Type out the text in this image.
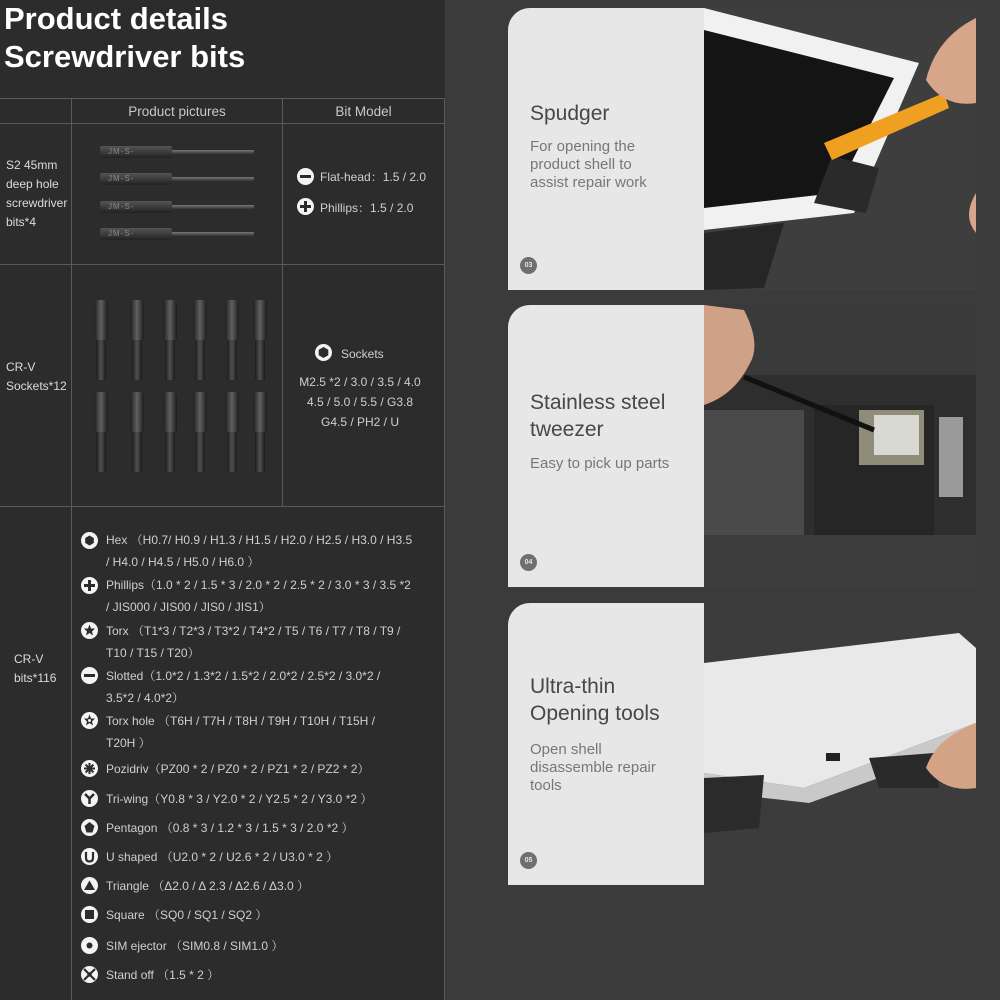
Product details
Screwdriver bits
Product pictures	Bit Model
S2 45mm
deep hole
screwdriver
bits*4
JM-S-
JM-S-
JM-S-
JM-S-
Flat-head：1.5 / 2.0
Phillips：1.5 / 2.0
CR-V
Sockets*12
Sockets
M2.5 *2 / 3.0 / 3.5 / 4.0
4.5 / 5.0 / 5.5 / G3.8
G4.5 / PH2 / U
CR-V
bits*116
Hex （H0.7/ H0.9 / H1.3 / H1.5 / H2.0 / H2.5 / H3.0 / H3.5
/ H4.0 / H4.5 / H5.0 / H6.0 ）
Phillips（1.0 * 2 / 1.5 * 3 / 2.0 * 2 / 2.5 * 2 / 3.0 * 3 / 3.5 *2
/ JIS000 / JIS00 / JIS0 / JIS1）
Torx （T1*3 / T2*3 / T3*2 / T4*2 / T5 / T6 / T7 / T8 / T9 /
T10 / T15 / T20）
Slotted（1.0*2 / 1.3*2 / 1.5*2 / 2.0*2 / 2.5*2 / 3.0*2 /
3.5*2 / 4.0*2）
Torx hole （T6H / T7H / T8H / T9H / T10H / T15H /
T20H ）
Pozidriv（PZ00 * 2 / PZ0 * 2 / PZ1 * 2 / PZ2 * 2）
Tri-wing（Y0.8 * 3 / Y2.0 * 2 / Y2.5 * 2 / Y3.0 *2 ）
Pentagon （0.8 * 3 / 1.2 * 3 / 1.5 * 3 / 2.0 *2 ）
U shaped （U2.0 * 2 / U2.6 * 2 / U3.0 * 2 ）
Triangle （Δ2.0 / Δ 2.3 / Δ2.6 / Δ3.0 ）
Square （SQ0 / SQ1 / SQ2 ）
SIM ejector （SIM0.8 / SIM1.0 ）
Stand off （1.5 * 2 ）
Spudger
For opening the
product shell to
assist repair work
03
Stainless steel
tweezer
Easy to pick up parts
04
Ultra-thin
Opening tools
Open shell
disassemble repair
tools
05
